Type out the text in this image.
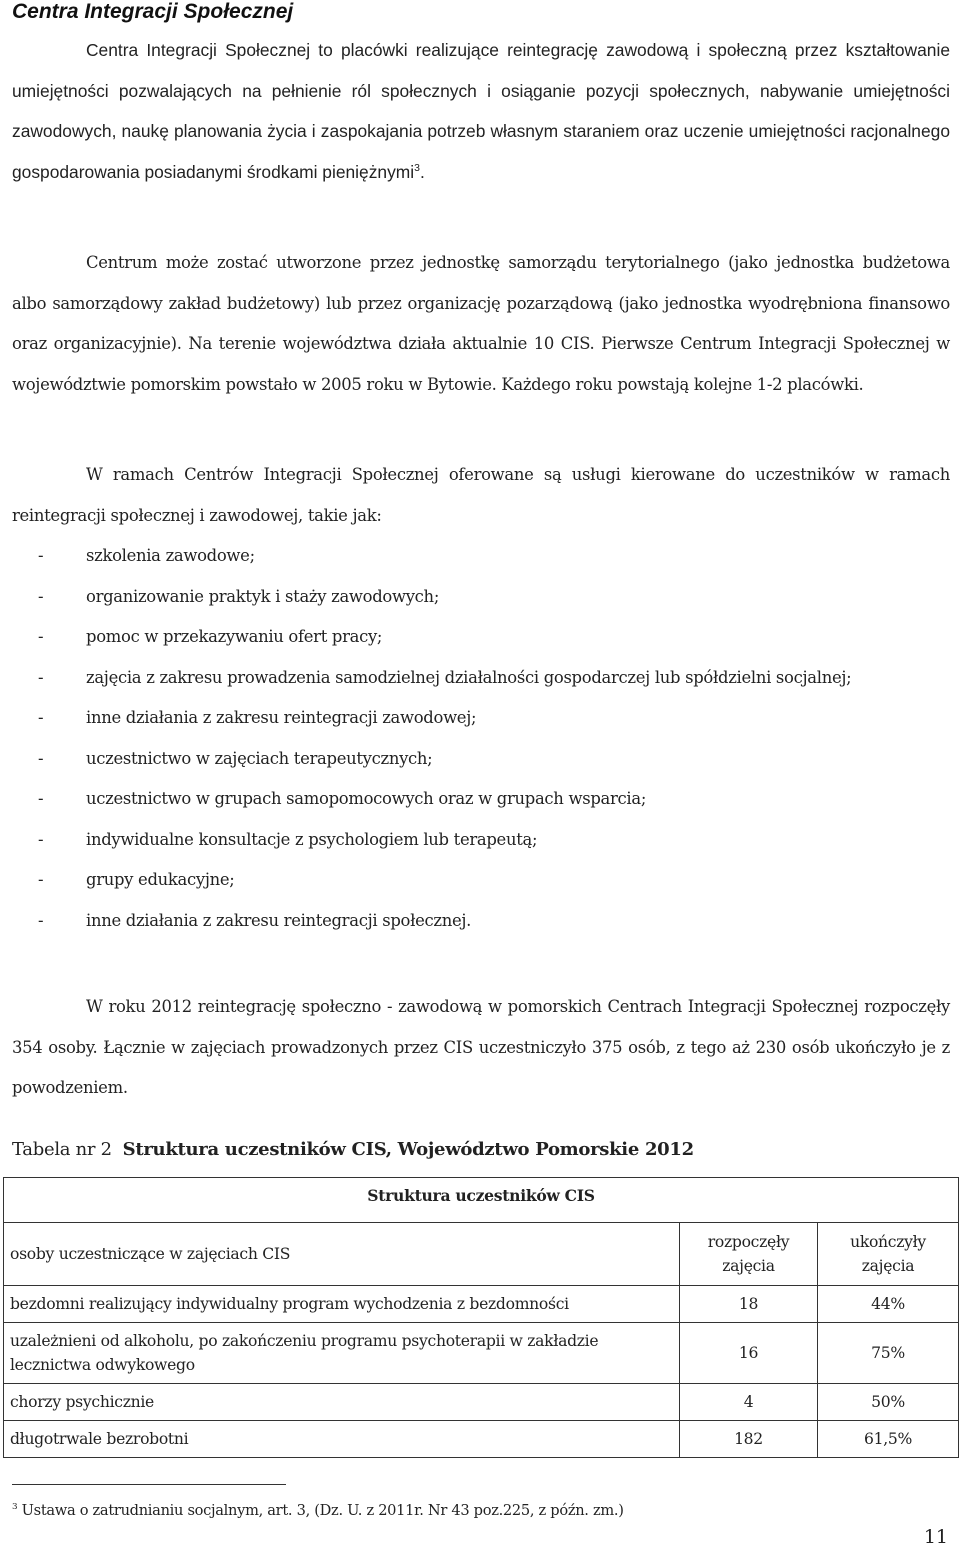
Centra Integracji Społecznej

Centra Integracji Społecznej to placówki realizujące reintegrację zawodową i społeczną przez kształtowanie umiejętności pozwalających na pełnienie ról społecznych i osiąganie pozycji społecznych, nabywanie umiejętności zawodowych, naukę planowania życia i zaspokajania potrzeb własnym staraniem oraz uczenie umiejętności racjonalnego gospodarowania posiadanymi środkami pieniężnymi$^3$.

Centrum może zostać utworzone przez jednostkę samorządu terytorialnego (jako jednostka budżetowa albo samorządowy zakład budżetowy) lub przez organizację pozarządową (jako jednostka wyodrębniona finansowo oraz organizacyjnie). Na terenie województwa działa aktualnie 10 CIS. Pierwsze Centrum Integracji Społecznej w województwie pomorskim powstało w 2005 roku w Bytowie. Każdego roku powstają kolejne 1-2 placówki.

W ramach Centrów Integracji Społecznej oferowane są usługi kierowane do uczestników w ramach reintegracji społecznej i zawodowej, takie jak:

-	szkolenia zawodowe;
-	organizowanie praktyk i staży zawodowych;
-	pomoc w przekazywaniu ofert pracy;
-	zajęcia z zakresu prowadzenia samodzielnej działalności gospodarczej lub spółdzielni socjalnej;
-	inne działania z zakresu reintegracji zawodowej;
-	uczestnictwo w zajęciach terapeutycznych;
-	uczestnictwo w grupach samopomocowych oraz w grupach wsparcia;
-	indywidualne konsultacje z psychologiem lub terapeutą;
-	grupy edukacyjne;
-	inne działania z zakresu reintegracji społecznej.

W roku 2012 reintegrację społeczno - zawodową w pomorskich Centrach Integracji Społecznej rozpoczęły 354 osoby. Łącznie w zajęciach prowadzonych przez CIS uczestniczyło 375 osób, z tego aż 230 osób ukończyło je z powodzeniem.

Tabela nr 2 Struktura uczestników CIS, Województwo Pomorskie 2012

Struktura uczestników CIS		
osoby uczestniczące w zajęciach CIS	rozpoczęły zajęcia	ukończyły zajęcia
bezdomni realizujący indywidualny program wychodzenia z bezdomności	18	44%
uzależnieni od alkoholu, po zakończeniu programu psychoterapii w zakładzie lecznictwa odwykowego	16	75%
chorzy psychicznie	4	50%
długotrwale bezrobotni	182	61,5%

$^3$ Ustawa o zatrudnianiu socjalnym, art. 3, (Dz. U. z 2011r. Nr 43 poz.225, z późn. zm.)

11
